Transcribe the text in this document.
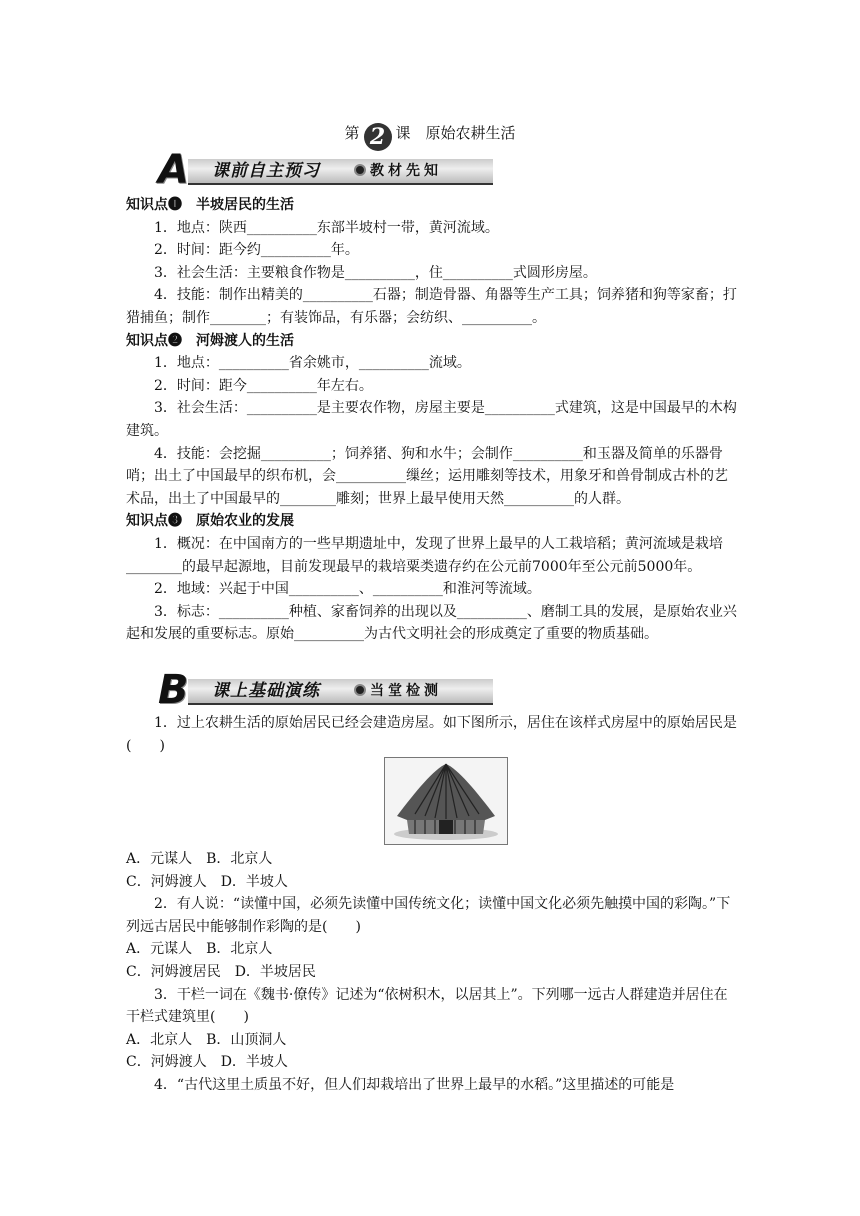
第 2 课　原始农耕生活
A	课前自主预习	教材先知

知识点❶　半坡居民的生活

1．地点：陕西__________东部半坡村一带，黄河流域。

2．时间：距今约__________年。

3．社会生活：主要粮食作物是__________，住__________式圆形房屋。

4．技能：制作出精美的__________石器；制造骨器、角器等生产工具；饲养猪和狗等家畜；打猎捕鱼；制作________；有装饰品，有乐器；会纺织、__________。

知识点❷　河姆渡人的生活

1．地点：__________省余姚市，__________流域。

2．时间：距今__________年左右。

3．社会生活：__________是主要农作物，房屋主要是__________式建筑，这是中国最早的木构建筑。

4．技能：会挖掘__________；饲养猪、狗和水牛；会制作__________和玉器及简单的乐器骨哨；出土了中国最早的织布机，会__________缫丝；运用雕刻等技术，用象牙和兽骨制成古朴的艺术品，出土了中国最早的________雕刻；世界上最早使用天然__________的人群。

知识点❸　原始农业的发展

1．概况：在中国南方的一些早期遗址中，发现了世界上最早的人工栽培稻；黄河流域是栽培________的最早起源地，目前发现最早的栽培粟类遗存约在公元前7000年至公元前5000年。

2．地域：兴起于中国__________、__________和淮河等流域。

3．标志：__________种植、家畜饲养的出现以及__________、磨制工具的发展，是原始农业兴起和发展的重要标志。原始__________为古代文明社会的形成奠定了重要的物质基础。

B	课上基础演练	当堂检测

1．过上农耕生活的原始居民已经会建造房屋。如下图所示，居住在该样式房屋中的原始居民是(　　)

A．元谋人　B．北京人

C．河姆渡人　D．半坡人

2．有人说：“读懂中国，必须先读懂中国传统文化；读懂中国文化必须先触摸中国的彩陶。”下列远古居民中能够制作彩陶的是(　　)

A．元谋人　B．北京人

C．河姆渡居民　D．半坡居民

3．干栏一词在《魏书·僚传》记述为“依树积木，以居其上”。下列哪一远古人群建造并居住在干栏式建筑里(　　)

A．北京人　B．山顶洞人

C．河姆渡人　D．半坡人

4．“古代这里土质虽不好，但人们却栽培出了世界上最早的水稻。”这里描述的可能是
